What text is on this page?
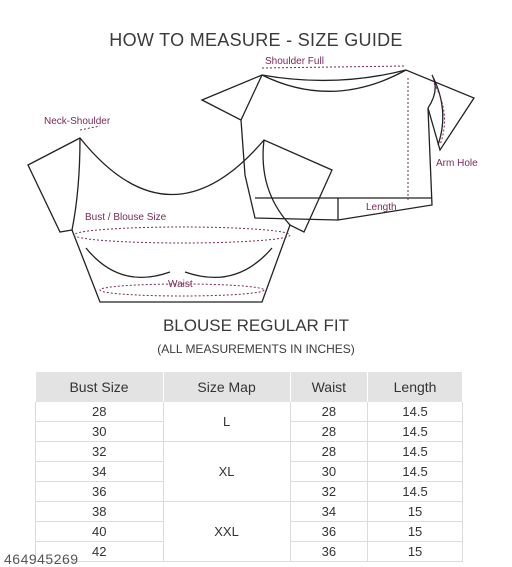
HOW TO MEASURE - SIZE GUIDE
Shoulder Full
Neck-Shoulder
Arm Hole
Bust / Blouse Size
Length
Waist
BLOUSE REGULAR FIT
(ALL MEASUREMENTS IN INCHES)
Bust Size	Size Map	Waist	Length
28	L	28	14.5
30		28	14.5
32	XL	28	14.5
34		30	14.5
36		32	14.5
38	XXL	34	15
40		36	15
42		36	15
464945269
